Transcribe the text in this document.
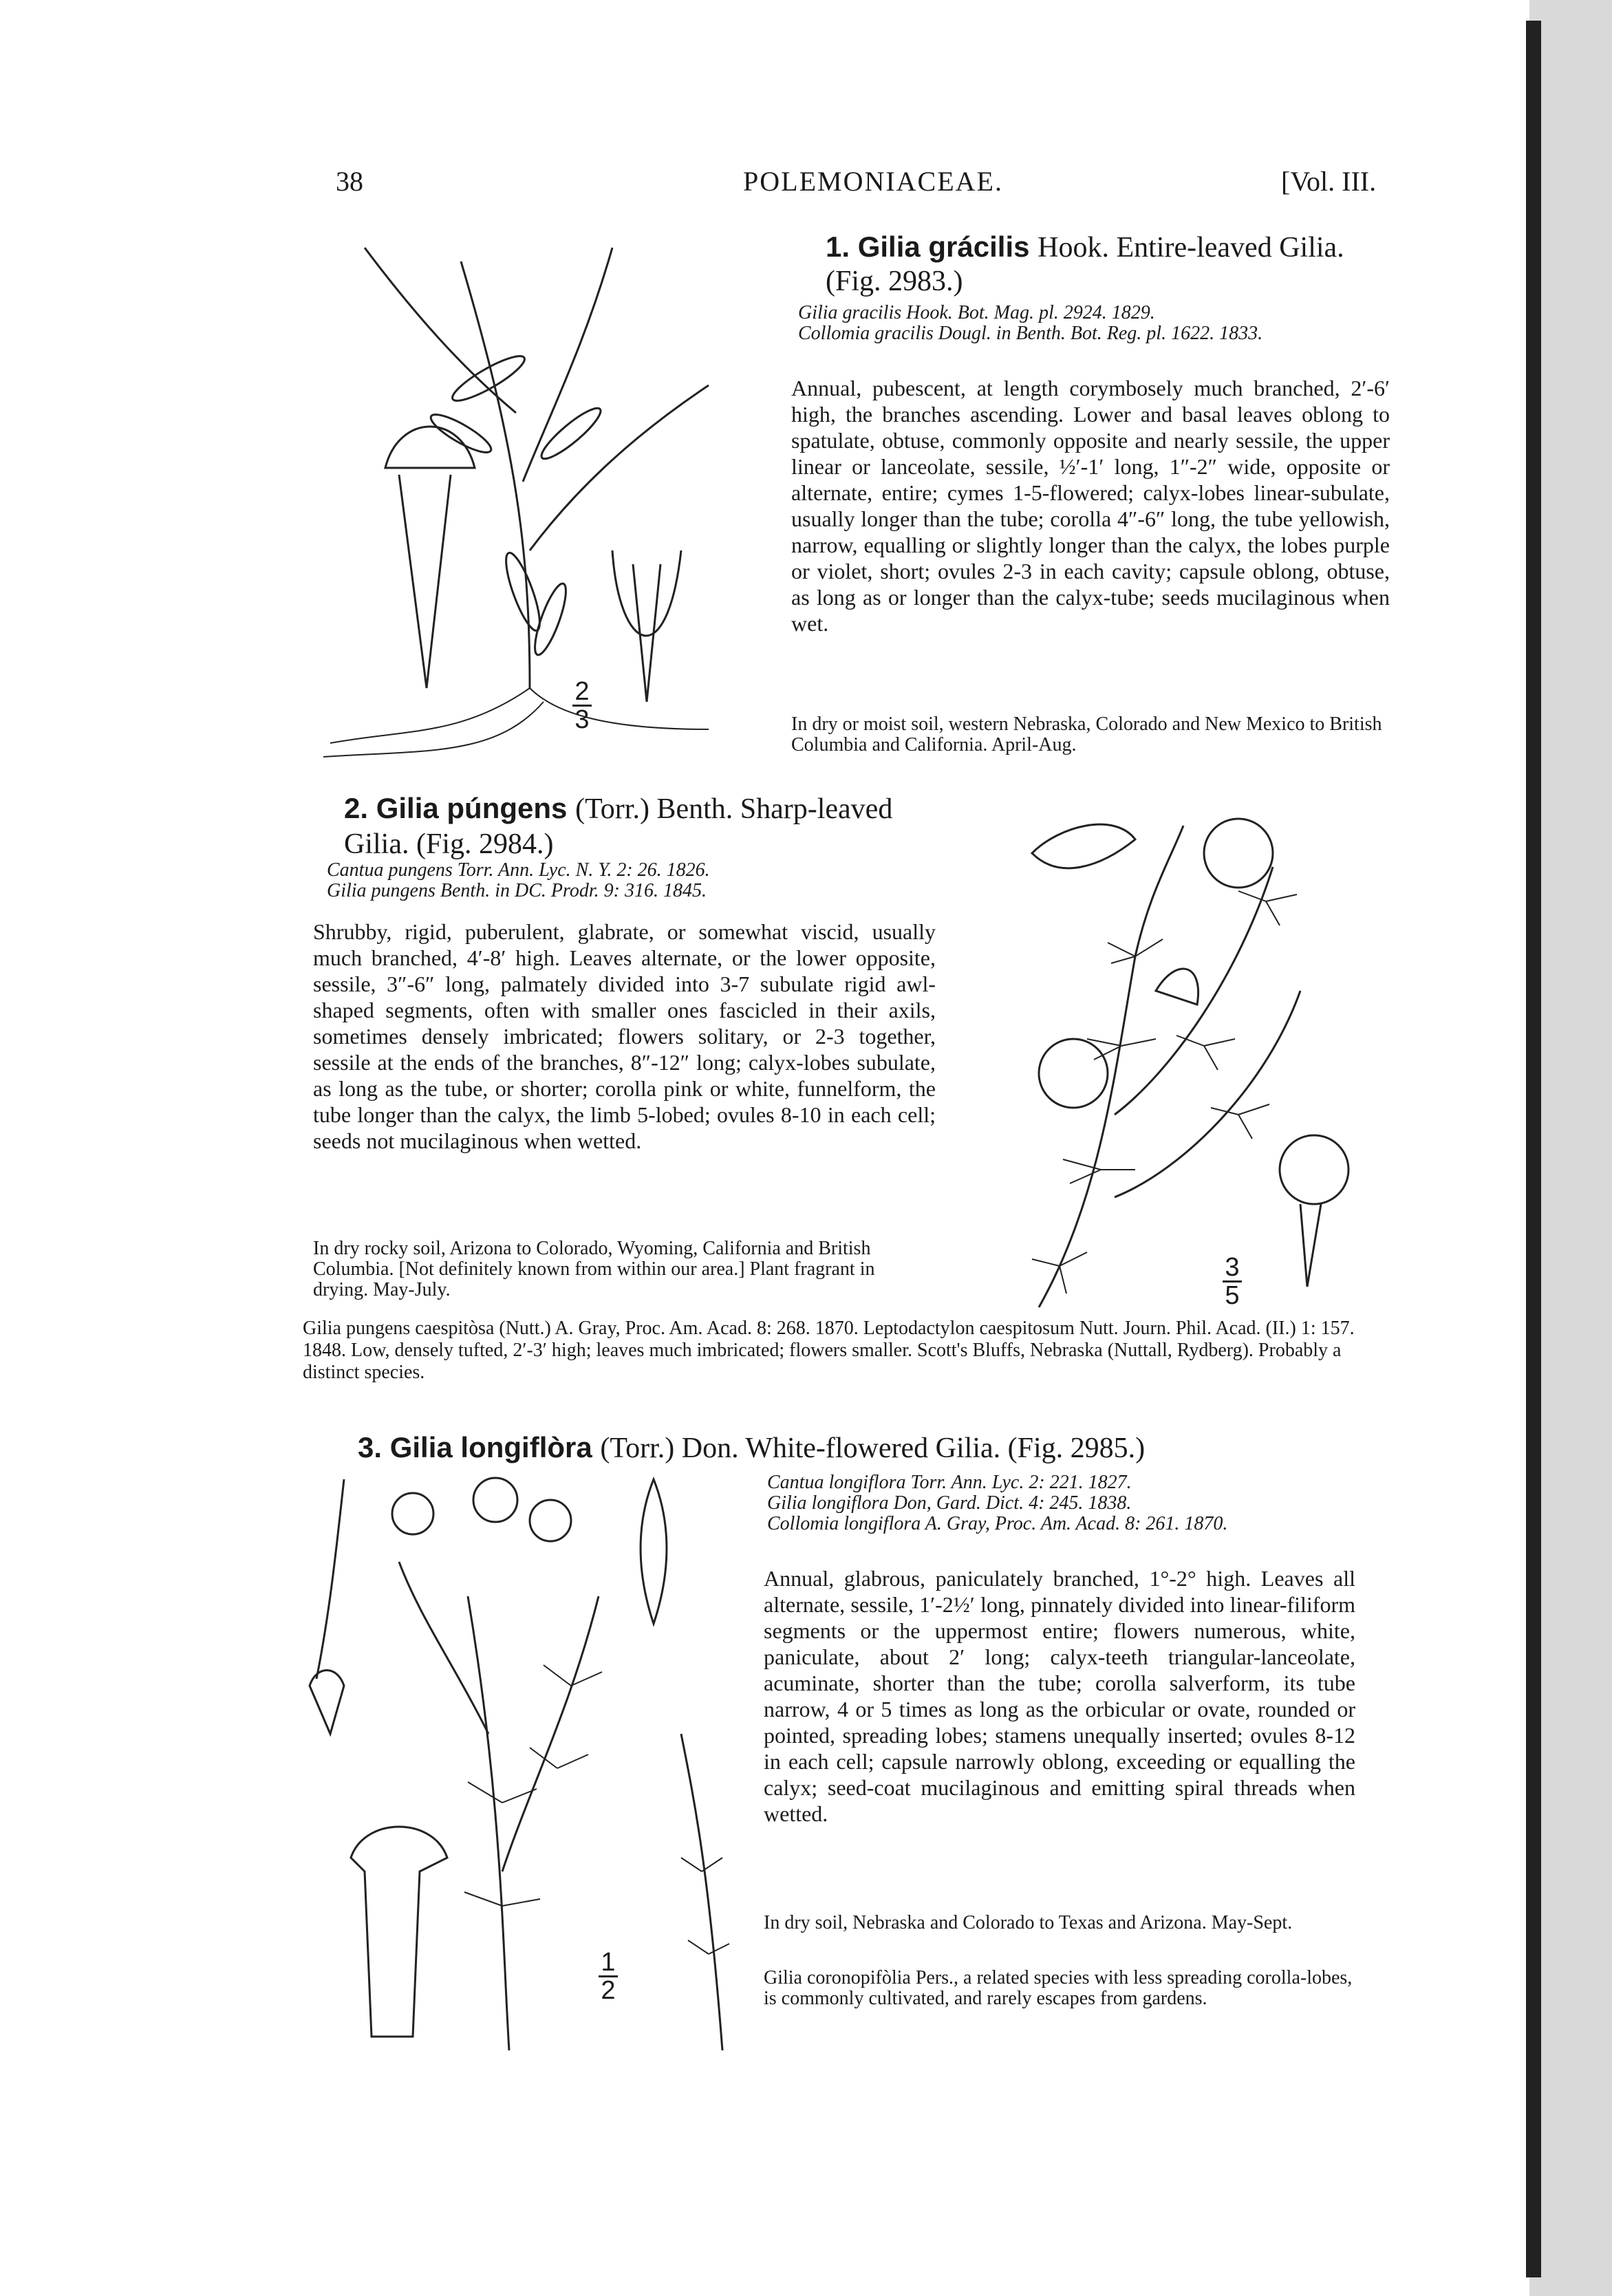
38	POLEMONIACEAE.	[Vol. III.
2
3
1. Gilia grácilis Hook. Entire-leaved Gilia. (Fig. 2983.)
Gilia gracilis Hook. Bot. Mag. pl. 2924. 1829.
Collomia gracilis Dougl. in Benth. Bot. Reg. pl. 1622. 1833.
Annual, pubescent, at length corymbosely much branched, 2′-6′ high, the branches ascending. Lower and basal leaves oblong to spatulate, obtuse, commonly opposite and nearly sessile, the upper linear or lanceolate, sessile, ½′-1′ long, 1″-2″ wide, opposite or alternate, entire; cymes 1-5-flowered; calyx-lobes linear-subulate, usually longer than the tube; corolla 4″-6″ long, the tube yellowish, narrow, equalling or slightly longer than the calyx, the lobes purple or violet, short; ovules 2-3 in each cavity; capsule oblong, obtuse, as long as or longer than the calyx-tube; seeds mucilaginous when wet.
In dry or moist soil, western Nebraska, Colorado and New Mexico to British Columbia and California. April-Aug.
2. Gilia púngens (Torr.) Benth. Sharp-leaved Gilia. (Fig. 2984.)
Cantua pungens Torr. Ann. Lyc. N. Y. 2: 26. 1826.
Gilia pungens Benth. in DC. Prodr. 9: 316. 1845.
Shrubby, rigid, puberulent, glabrate, or somewhat viscid, usually much branched, 4′-8′ high. Leaves alternate, or the lower opposite, sessile, 3″-6″ long, palmately divided into 3-7 subulate rigid awl-shaped segments, often with smaller ones fascicled in their axils, sometimes densely imbricated; flowers solitary, or 2-3 together, sessile at the ends of the branches, 8″-12″ long; calyx-lobes subulate, as long as the tube, or shorter; corolla pink or white, funnelform, the tube longer than the calyx, the limb 5-lobed; ovules 8-10 in each cell; seeds not mucilaginous when wetted.
In dry rocky soil, Arizona to Colorado, Wyoming, California and British Columbia. [Not definitely known from within our area.] Plant fragrant in drying. May-July.
3
5
Gilia pungens caespitòsa (Nutt.) A. Gray, Proc. Am. Acad. 8: 268. 1870. Leptodactylon caespitosum Nutt. Journ. Phil. Acad. (II.) 1: 157. 1848. Low, densely tufted, 2′-3′ high; leaves much imbricated; flowers smaller. Scott's Bluffs, Nebraska (Nuttall, Rydberg). Probably a distinct species.
3. Gilia longiflòra (Torr.) Don. White-flowered Gilia. (Fig. 2985.)
Cantua longiflora Torr. Ann. Lyc. 2: 221. 1827.
Gilia longiflora Don, Gard. Dict. 4: 245. 1838.
Collomia longiflora A. Gray, Proc. Am. Acad. 8: 261. 1870.
Annual, glabrous, paniculately branched, 1°-2° high. Leaves all alternate, sessile, 1′-2½′ long, pinnately divided into linear-filiform segments or the uppermost entire; flowers numerous, white, paniculate, about 2′ long; calyx-teeth triangular-lanceolate, acuminate, shorter than the tube; corolla salverform, its tube narrow, 4 or 5 times as long as the orbicular or ovate, rounded or pointed, spreading lobes; stamens unequally inserted; ovules 8-12 in each cell; capsule narrowly oblong, exceeding or equalling the calyx; seed-coat mucilaginous and emitting spiral threads when wetted.
In dry soil, Nebraska and Colorado to Texas and Arizona. May-Sept.
Gilia coronopifòlia Pers., a related species with less spreading corolla-lobes, is commonly cultivated, and rarely escapes from gardens.
1
2
